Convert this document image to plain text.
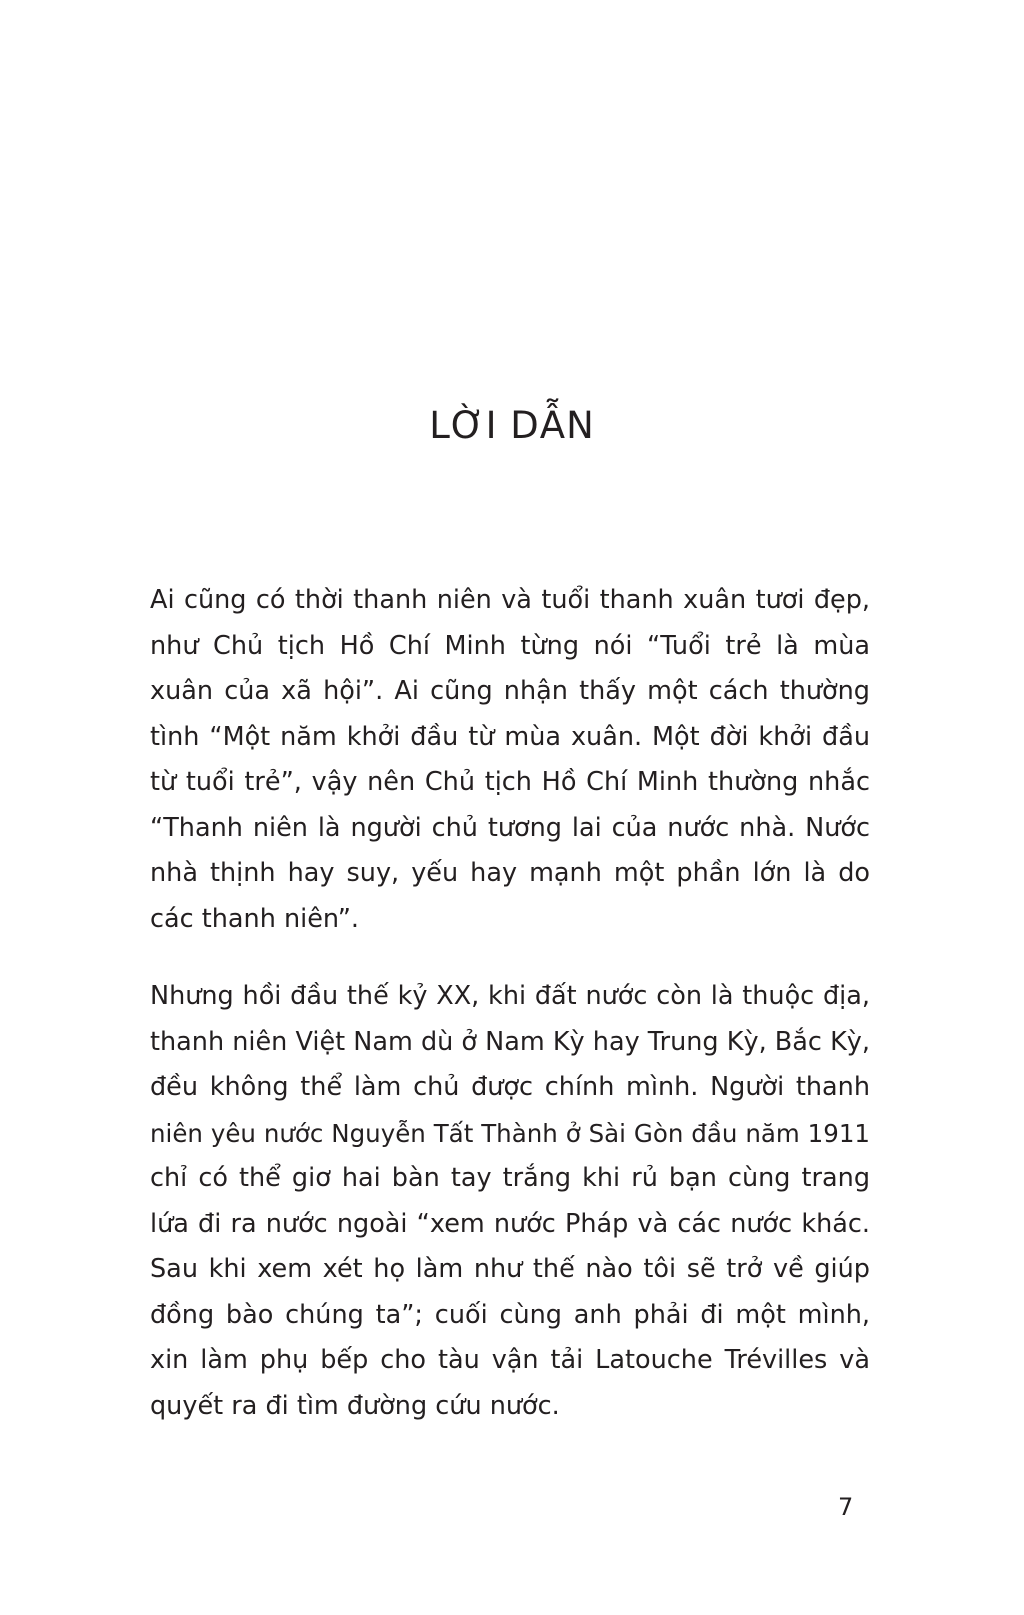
LỜI DẪN
Ai cũng có thời thanh niên và tuổi thanh xuân tươi đẹp,
như Chủ tịch Hồ Chí Minh từng nói “Tuổi trẻ là mùa
xuân của xã hội”. Ai cũng nhận thấy một cách thường
tình “Một năm khởi đầu từ mùa xuân. Một đời khởi đầu
từ tuổi trẻ”, vậy nên Chủ tịch Hồ Chí Minh thường nhắc
“Thanh niên là người chủ tương lai của nước nhà. Nước
nhà thịnh hay suy, yếu hay mạnh một phần lớn là do
các thanh niên”.
Nhưng hồi đầu thế kỷ XX, khi đất nước còn là thuộc địa,
thanh niên Việt Nam dù ở Nam Kỳ hay Trung Kỳ, Bắc Kỳ,
đều không thể làm chủ được chính mình. Người thanh
niên yêu nước Nguyễn Tất Thành ở Sài Gòn đầu năm 1911
chỉ có thể giơ hai bàn tay trắng khi rủ bạn cùng trang
lứa đi ra nước ngoài “xem nước Pháp và các nước khác.
Sau khi xem xét họ làm như thế nào tôi sẽ trở về giúp
đồng bào chúng ta”; cuối cùng anh phải đi một mình,
xin làm phụ bếp cho tàu vận tải Latouche Trévilles và
quyết ra đi tìm đường cứu nước.
7
